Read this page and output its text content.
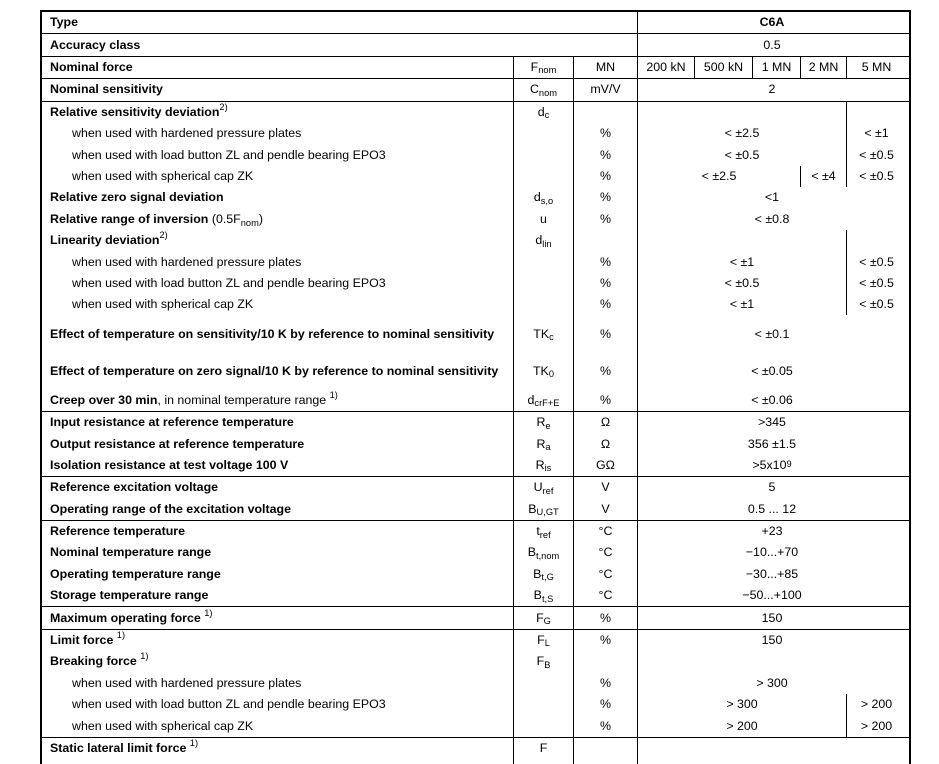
Type	C6A
Accuracy class	0.5
Nominal force	F nom	MN	200 kN 500 kN 1 MN 2 MN 5 MN
Nominal sensitivity	C nom	mV/V	2
Relative sensitivity deviation$^{2)}$	d c
when used with hardened pressure plates	%	< ±2.5	< ±1
when used with load button ZL and pendle bearing EPO3	%	< ±0.5	< ±0.5
when used with spherical cap ZK	%	< ±2.5	< ±4 < ±0.5
Relative zero signal deviation	d s,o	%	<1
Relative range of inversion $(0.5F_{nom})$	u	%	< ±0.8
Linearity deviation$^{2)}$	d lin
when used with hardened pressure plates	%	< ±1	< ±0.5
when used with load button ZL and pendle bearing EPO3	%	< ±0.5	< ±0.5
when used with spherical cap ZK	%	< ±1	< ±0.5
Effect of temperature on sensitivity/10 K by reference to nominal sensitivity	TK c	%	< ±0.1
Effect of temperature on zero signal/10 K by reference to nominal sensitivity	TK 0	%	< ±0.05
Creep over 30 min, in nominal temperature range $^{1)}$	d crF+E	%	< ±0.06
Input resistance at reference temperature	R e	Ω	>345
Output resistance at reference temperature	R a	Ω	356 ±1.5
Isolation resistance at test voltage 100 V	R is	GΩ	>5x10 9
Reference excitation voltage	U ref	V	5
Operating range of the excitation voltage	B U,GT	V	0.5 ... 12
Reference temperature	t ref	°C	+23
Nominal temperature range	B t,nom	°C	−10...+70
Operating temperature range	B t,G	°C	−30...+85
Storage temperature range	B t,S	°C	−50...+100
Maximum operating force $^{1)}$	F G	%	150
Limit force $^{1)}$	F L	%	150
Breaking force $^{1)}$	F B
when used with hardened pressure plates	%	> 300
when used with load button ZL and pendle bearing EPO3	%	> 300	> 200
when used with spherical cap ZK	%	> 200	> 200
Static lateral limit force $^{1)}$	F
